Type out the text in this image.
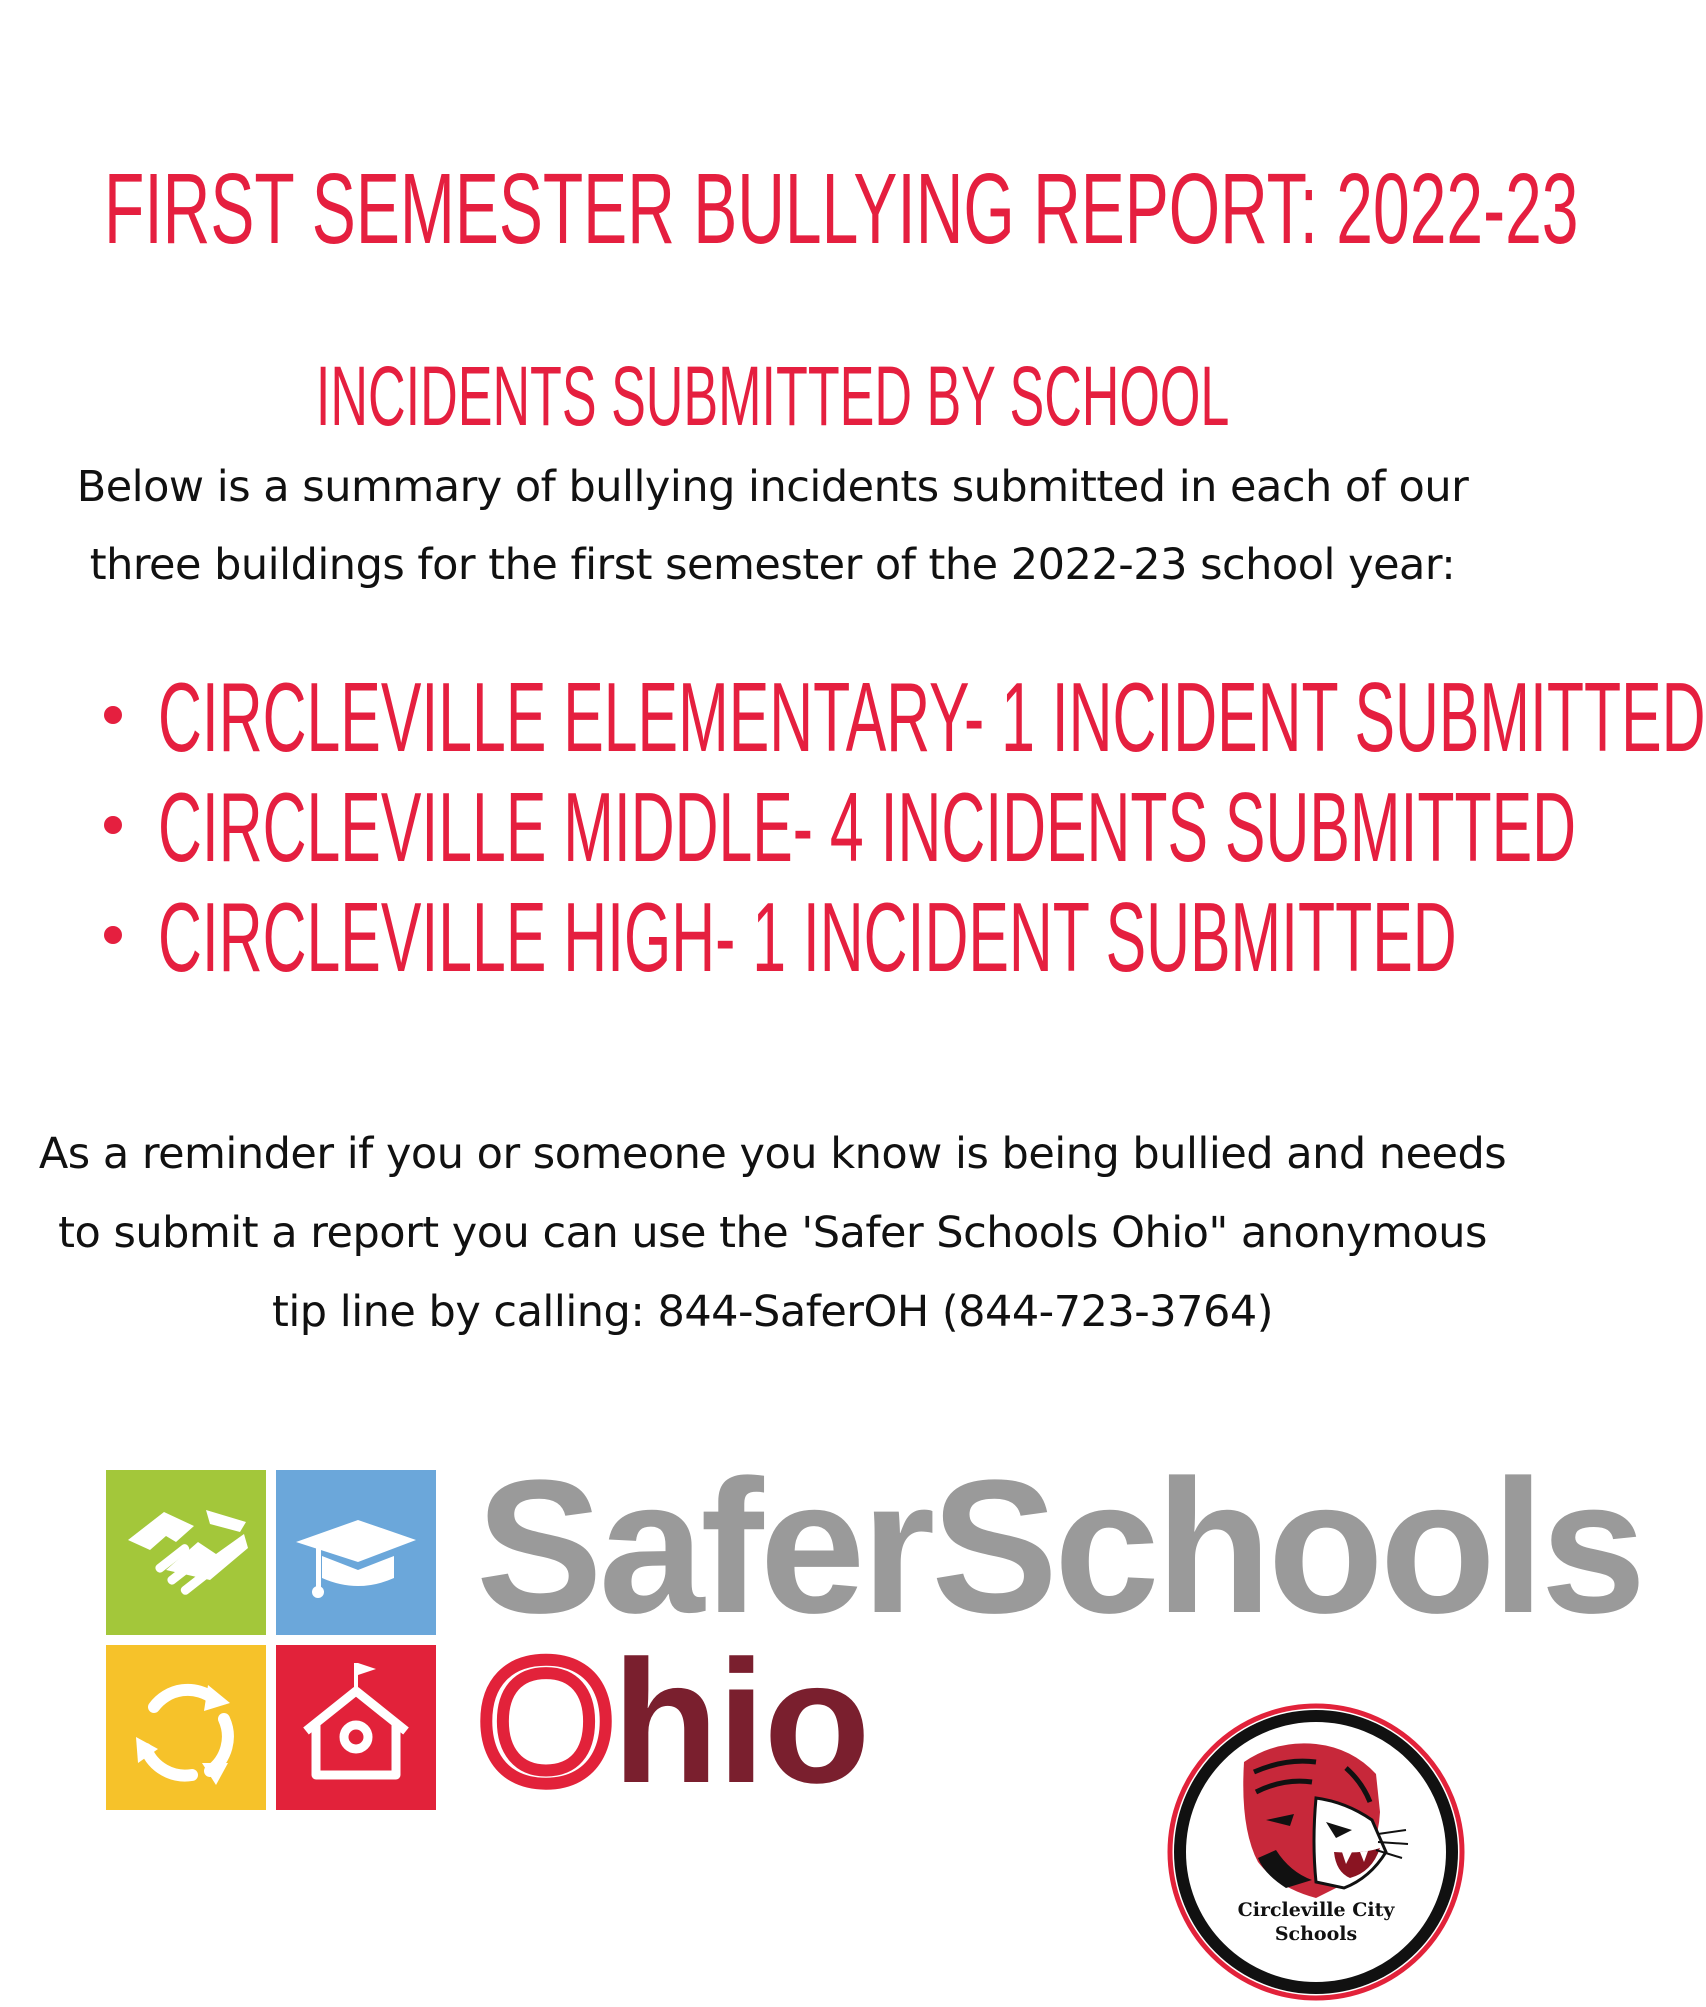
FIRST SEMESTER BULLYING REPORT: 2022-23
INCIDENTS SUBMITTED BY SCHOOL
Below is a summary of bullying incidents submitted in each of our
three buildings for the first semester of the 2022-23 school year:
CIRCLEVILLE ELEMENTARY- 1 INCIDENT SUBMITTED
CIRCLEVILLE MIDDLE- 4 INCIDENTS SUBMITTED
CIRCLEVILLE HIGH- 1 INCIDENT SUBMITTED
As a reminder if you or someone you know is being bullied and needs
to submit a report you can use the 'Safer Schools Ohio" anonymous
tip line by calling: 844-SaferOH (844-723-3764)
SaferSchools
Ohio
Circleville City
Schools
